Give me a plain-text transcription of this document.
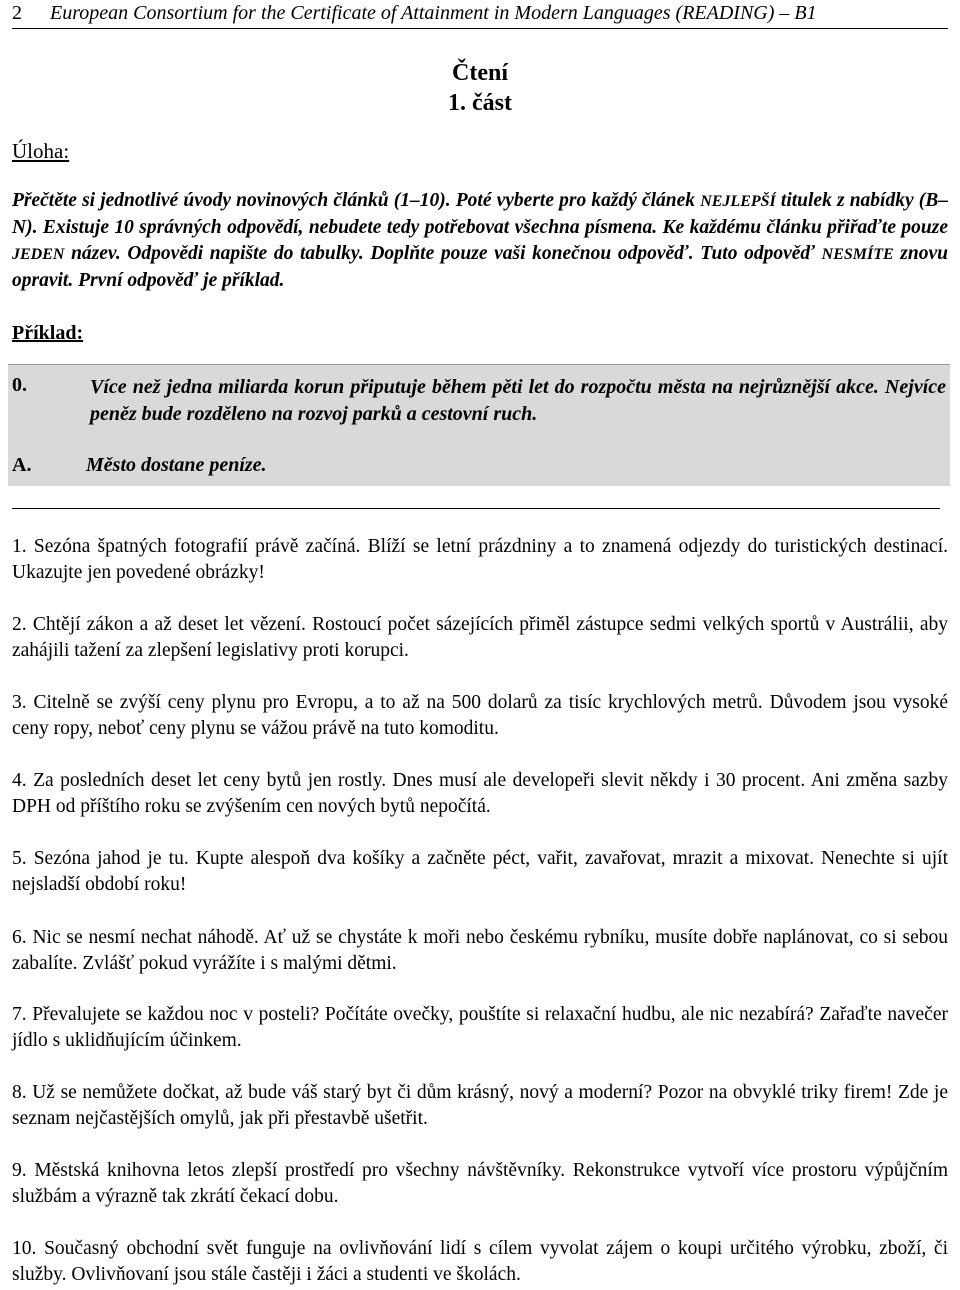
2 European Consortium for the Certificate of Attainment in Modern Languages (READING) – B1
Čtení
1. část
Úloha:
Přečtěte si jednotlivé úvody novinových článků (1–10). Poté vyberte pro každý článek NEJLEPŠÍ titulek z nabídky (B–N). Existuje 10 správných odpovědí, nebudete tedy potřebovat všechna písmena. Ke každému článku přiřaďte pouze JEDEN název. Odpovědi napište do tabulky. Doplňte pouze vaši konečnou odpověď. Tuto odpověď NESMÍTE znovu opravit. První odpověď je příklad.
Příklad:
0.	Více než jedna miliarda korun připutuje během pěti let do rozpočtu města na nejrůznější akce. Nejvíce peněz bude rozděleno na rozvoj parků a cestovní ruch.
A.	Město dostane peníze.
1. Sezóna špatných fotografií právě začíná. Blíží se letní prázdniny a to znamená odjezdy do turistických destinací. Ukazujte jen povedené obrázky!
2. Chtějí zákon a až deset let vězení. Rostoucí počet sázejících přiměl zástupce sedmi velkých sportů v Austrálii, aby zahájili tažení za zlepšení legislativy proti korupci.
3. Citelně se zvýší ceny plynu pro Evropu, a to až na 500 dolarů za tisíc krychlových metrů. Důvodem jsou vysoké ceny ropy, neboť ceny plynu se vážou právě na tuto komoditu.
4. Za posledních deset let ceny bytů jen rostly. Dnes musí ale developeři slevit někdy i 30 procent. Ani změna sazby DPH od příštího roku se zvýšením cen nových bytů nepočítá.
5. Sezóna jahod je tu. Kupte alespoň dva košíky a začněte péct, vařit, zavařovat, mrazit a mixovat. Nenechte si ujít nejsladší období roku!
6. Nic se nesmí nechat náhodě. Ať už se chystáte k moři nebo českému rybníku, musíte dobře naplánovat, co si sebou zabalíte. Zvlášť pokud vyrážíte i s malými dětmi.
7. Převalujete se každou noc v posteli? Počítáte ovečky, pouštíte si relaxační hudbu, ale nic nezabírá? Zařaďte navečer jídlo s uklidňujícím účinkem.
8. Už se nemůžete dočkat, až bude váš starý byt či dům krásný, nový a moderní? Pozor na obvyklé triky firem! Zde je seznam nejčastějších omylů, jak při přestavbě ušetřit.
9. Městská knihovna letos zlepší prostředí pro všechny návštěvníky. Rekonstrukce vytvoří více prostoru výpůjčním službám a výrazně tak zkrátí čekací dobu.
10. Současný obchodní svět funguje na ovlivňování lidí s cílem vyvolat zájem o koupi určitého výrobku, zboží, či služby. Ovlivňovaní jsou stále častěji i žáci a studenti ve školách.
